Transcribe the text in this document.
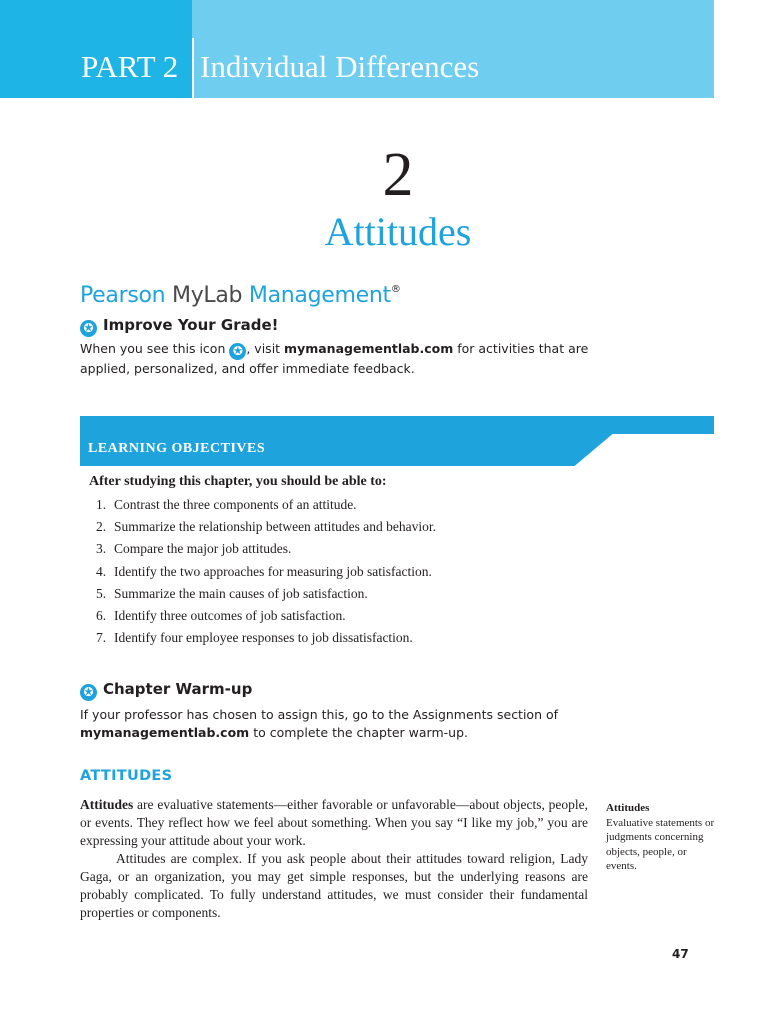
PART 2 Individual Differences
2
Attitudes
Pearson MyLab Management®
✪ Improve Your Grade!
When you see this icon ✪ , visit mymanagementlab.com for activities that are applied, personalized, and offer immediate feedback.
LEARNING OBJECTIVES
After studying this chapter, you should be able to:
1. Contrast the three components of an attitude.
2. Summarize the relationship between attitudes and behavior.
3. Compare the major job attitudes.
4. Identify the two approaches for measuring job satisfaction.
5. Summarize the main causes of job satisfaction.
6. Identify three outcomes of job satisfaction.
7. Identify four employee responses to job dissatisfaction.
✪ Chapter Warm-up
If your professor has chosen to assign this, go to the Assignments section of mymanagementlab.com to complete the chapter warm-up.
ATTITUDES

Attitudes are evaluative statements—either favorable or unfavorable—about objects, people, or events. They reflect how we feel about something. When you say “I like my job,” you are expressing your attitude about your work.

Attitudes are complex. If you ask people about their attitudes toward religion, Lady Gaga, or an organization, you may get simple responses, but the underlying reasons are probably complicated. To fully understand attitudes, we must consider their fundamental properties or components.

Attitudes
Evaluative statements or judgments concerning objects, people, or events.
47
